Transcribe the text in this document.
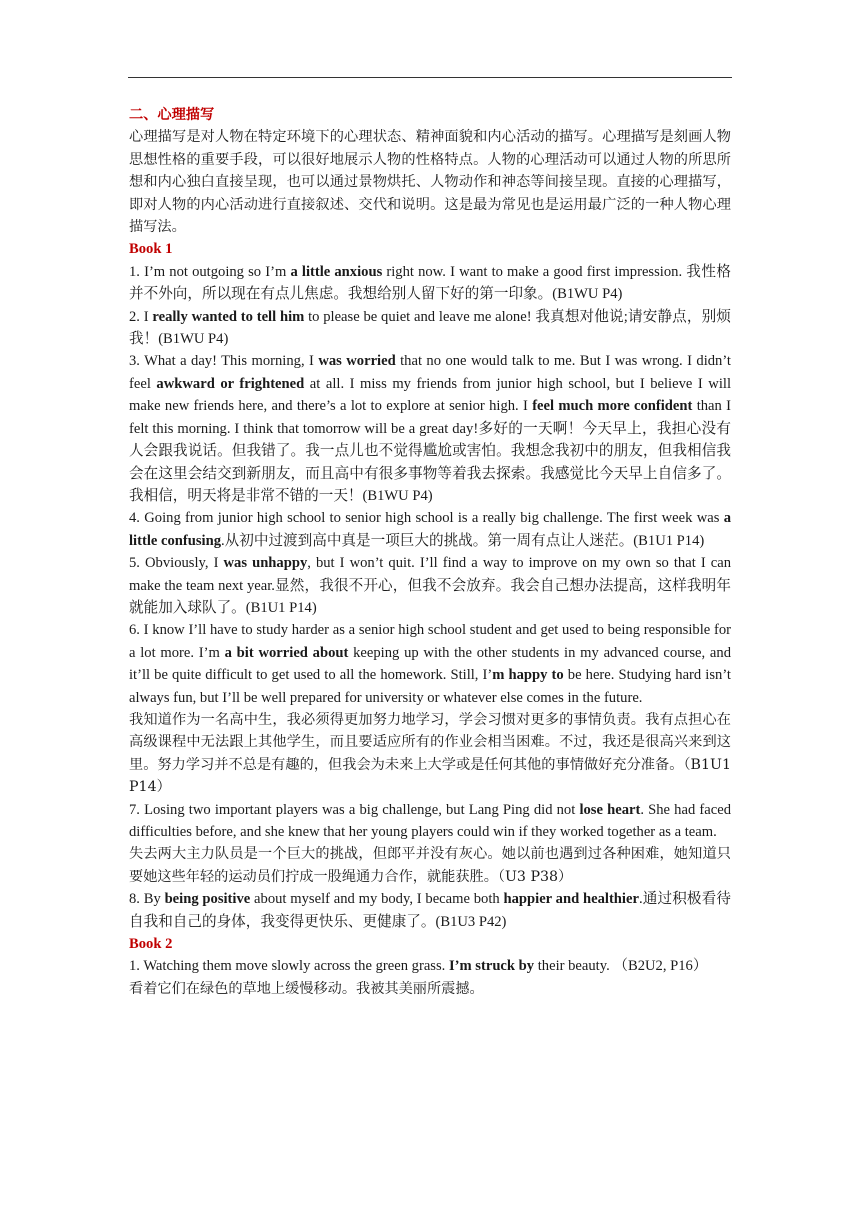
二、心理描写

心理描写是对人物在特定环境下的心理状态、精神面貌和内心活动的描写。心理描写是刻画人物思想性格的重要手段，可以很好地展示人物的性格特点。人物的心理活动可以通过人物的所思所想和内心独白直接呈现，也可以通过景物烘托、人物动作和神态等间接呈现。直接的心理描写，即对人物的内心活动进行直接叙述、交代和说明。这是最为常见也是运用最广泛的一种人物心理描写法。

Book 1

1. I’m not outgoing so I’m a little anxious right now. I want to make a good first impression. 我性格并不外向，所以现在有点儿焦虑。我想给别人留下好的第一印象。(B1WU P4)

2. I really wanted to tell him to please be quiet and leave me alone! 我真想对他说;请安静点，别烦我！(B1WU P4)

3. What a day! This morning, I was worried that no one would talk to me. But I was wrong. I didn’t feel awkward or frightened at all. I miss my friends from junior high school, but I believe I will make new friends here, and there’s a lot to explore at senior high. I feel much more confident than I felt this morning. I think that tomorrow will be a great day!多好的一天啊！今天早上，我担心没有人会跟我说话。但我错了。我一点儿也不觉得尴尬或害怕。我想念我初中的朋友，但我相信我会在这里会结交到新朋友，而且高中有很多事物等着我去探索。我感觉比今天早上自信多了。我相信，明天将是非常不错的一天！(B1WU P4)

4. Going from junior high school to senior high school is a really big challenge. The first week was a little confusing.从初中过渡到高中真是一项巨大的挑战。第一周有点让人迷茫。(B1U1 P14)

5. Obviously, I was unhappy, but I won’t quit. I’ll find a way to improve on my own so that I can make the team next year.显然，我很不开心，但我不会放弃。我会自己想办法提高，这样我明年就能加入球队了。(B1U1 P14)

6. I know I’ll have to study harder as a senior high school student and get used to being responsible for a lot more. I’m a bit worried about keeping up with the other students in my advanced course, and it’ll be quite difficult to get used to all the homework. Still, I’m happy to be here. Studying hard isn’t always fun, but I’ll be well prepared for university or whatever else comes in the future.

我知道作为一名高中生，我必须得更加努力地学习，学会习惯对更多的事情负责。我有点担心在高级课程中无法跟上其他学生，而且要适应所有的作业会相当困难。不过，我还是很高兴来到这里。努力学习并不总是有趣的，但我会为未来上大学或是任何其他的事情做好充分准备。（B1U1 P14）

7. Losing two important players was a big challenge, but Lang Ping did not lose heart. She had faced difficulties before, and she knew that her young players could win if they worked together as a team.

失去两大主力队员是一个巨大的挑战，但郎平并没有灰心。她以前也遇到过各种困难，她知道只要她这些年轻的运动员们拧成一股绳通力合作，就能获胜。（U3 P38）

8. By being positive about myself and my body, I became both happier and healthier.通过积极看待自我和自己的身体，我变得更快乐、更健康了。(B1U3 P42)

Book 2

1. Watching them move slowly across the green grass. I’m struck by their beauty. （B2U2, P16）

看着它们在绿色的草地上缓慢移动。我被其美丽所震撼。
